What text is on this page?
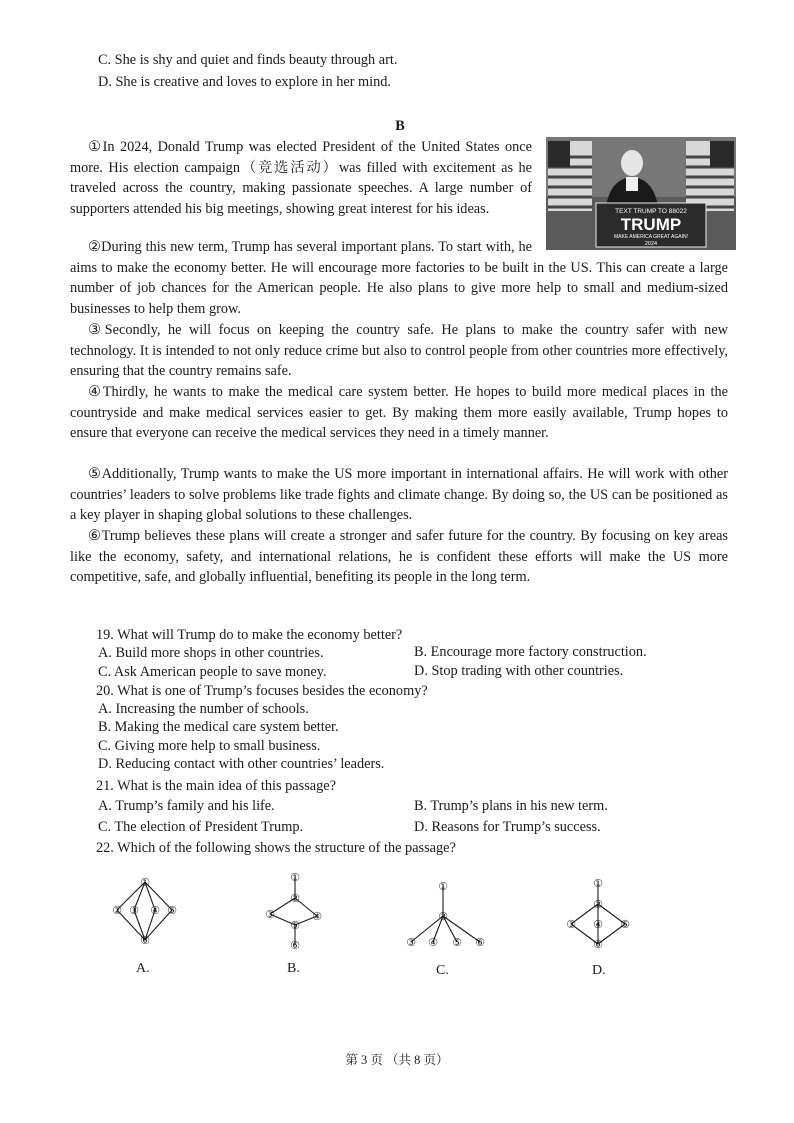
C. She is shy and quiet and finds beauty through art.
D. She is creative and loves to explore in her mind.
B
TEXT TRUMP TO 88022
TRUMP
MAKE AMERICA GREAT AGAIN!
2024
①In 2024, Donald Trump was elected President of the United States once more. His election campaign（竞选活动）was filled with excitement as he traveled across the country, making passionate speeches. A large number of supporters attended his big meetings, showing great interest for his ideas.
②During this new term, Trump has several important plans. To start with, he aims to make the economy better. He will encourage more factories to be built in the US. This can create a large number of job chances for the American people. He also plans to give more help to small and medium-sized businesses to help them grow.
③Secondly, he will focus on keeping the country safe. He plans to make the country safer with new technology. It is intended to not only reduce crime but also to control people from other countries more effectively, ensuring that the country remains safe.
④Thirdly, he wants to make the medical care system better. He hopes to build more medical places in the countryside and make medical services easier to get. By making them more easily available, Trump hopes to ensure that everyone can receive the medical services they need in a timely manner.
⑤Additionally, Trump wants to make the US more important in international affairs. He will work with other countries’ leaders to solve problems like trade fights and climate change. By doing so, the US can be positioned as a key player in shaping global solutions to these challenges.
⑥Trump believes these plans will create a stronger and safer future for the country. By focusing on key areas like the economy, safety, and international relations, he is confident these efforts will make the US more competitive, safe, and globally influential, benefiting its people in the long term.
19. What will Trump do to make the economy better?
A. Build more shops in other countries.	B. Encourage more factory construction.
C. Ask American people to save money.	D. Stop trading with other countries.
20. What is one of Trump’s focuses besides the economy?
A. Increasing the number of schools.
B. Making the medical care system better.
C. Giving more help to small business.
D. Reducing contact with other countries’ leaders.
21. What is the main idea of this passage?
A. Trump’s family and his life.	B. Trump’s plans in his new term.
C. The election of President Trump.	D. Reasons for Trump’s success.
22. Which of the following shows the structure of the passage?
①
② ③ ④ ⑤
⑥
①
②
③	④
⑤
⑥
①
②
③ ④ ⑤ ⑥
①
②
③ ④ ⑤
⑥
A.	B.	C.	D.
第 3 页 （共 8 页）
